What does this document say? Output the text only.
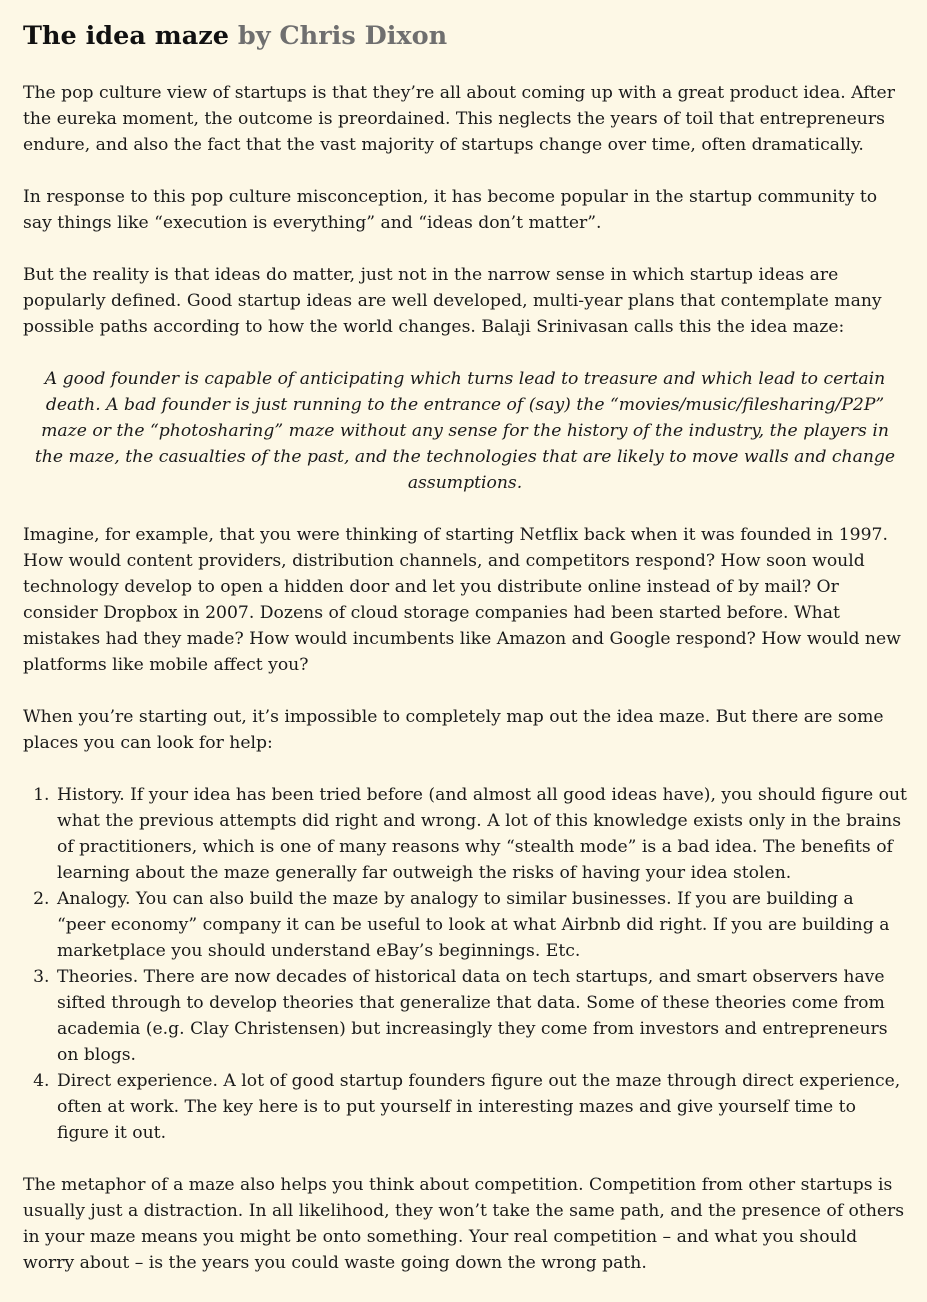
The idea maze by Chris Dixon

The pop culture view of startups is that they’re all about coming up with a great product idea. After the eureka moment, the outcome is preordained. This neglects the years of toil that entrepreneurs endure, and also the fact that the vast majority of startups change over time, often dramatically.

In response to this pop culture misconception, it has become popular in the startup community to say things like “execution is everything” and “ideas don’t matter”.

But the reality is that ideas do matter, just not in the narrow sense in which startup ideas are popularly defined. Good startup ideas are well developed, multi-year plans that contemplate many possible paths according to how the world changes. Balaji Srinivasan calls this the idea maze:

A good founder is capable of anticipating which turns lead to treasure and which lead to certain death. A bad founder is just running to the entrance of (say) the “movies/music/filesharing/P2P” maze or the “photosharing” maze without any sense for the history of the industry, the players in the maze, the casualties of the past, and the technologies that are likely to move walls and change assumptions.

Imagine, for example, that you were thinking of starting Netflix back when it was founded in 1997. How would content providers, distribution channels, and competitors respond? How soon would technology develop to open a hidden door and let you distribute online instead of by mail? Or consider Dropbox in 2007. Dozens of cloud storage companies had been started before. What mistakes had they made? How would incumbents like Amazon and Google respond? How would new platforms like mobile affect you?

When you’re starting out, it’s impossible to completely map out the idea maze. But there are some places you can look for help:

1. History. If your idea has been tried before (and almost all good ideas have), you should figure out what the previous attempts did right and wrong. A lot of this knowledge exists only in the brains of practitioners, which is one of many reasons why “stealth mode” is a bad idea. The benefits of learning about the maze generally far outweigh the risks of having your idea stolen.
2. Analogy. You can also build the maze by analogy to similar businesses. If you are building a “peer economy” company it can be useful to look at what Airbnb did right. If you are building a marketplace you should understand eBay’s beginnings. Etc.
3. Theories. There are now decades of historical data on tech startups, and smart observers have sifted through to develop theories that generalize that data. Some of these theories come from academia (e.g. Clay Christensen) but increasingly they come from investors and entrepreneurs on blogs.
4. Direct experience. A lot of good startup founders figure out the maze through direct experience, often at work. The key here is to put yourself in interesting mazes and give yourself time to figure it out.

The metaphor of a maze also helps you think about competition. Competition from other startups is usually just a distraction. In all likelihood, they won’t take the same path, and the presence of others in your maze means you might be onto something. Your real competition – and what you should worry about – is the years you could waste going down the wrong path.
